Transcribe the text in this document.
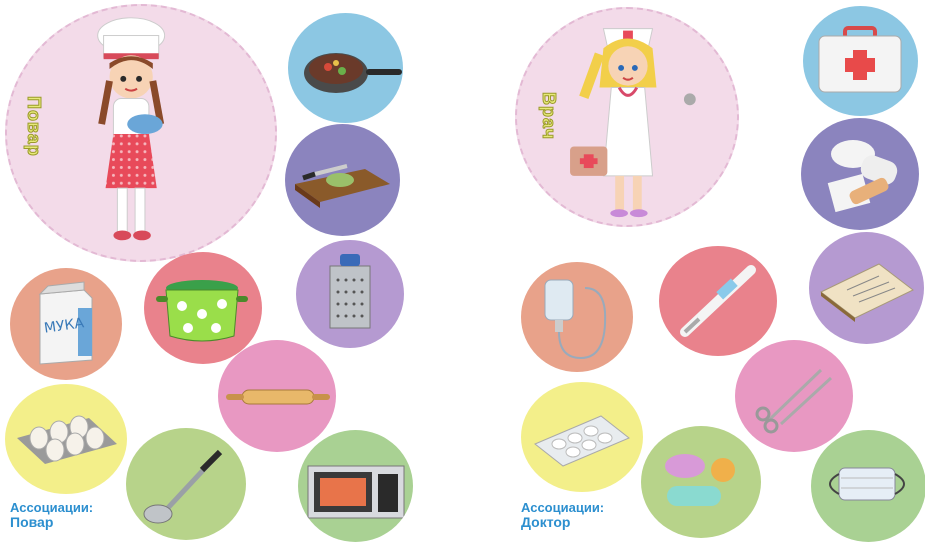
Повар
МУКА
Ассоциации:
Повар
Врач
Ассоциации:
Доктор
